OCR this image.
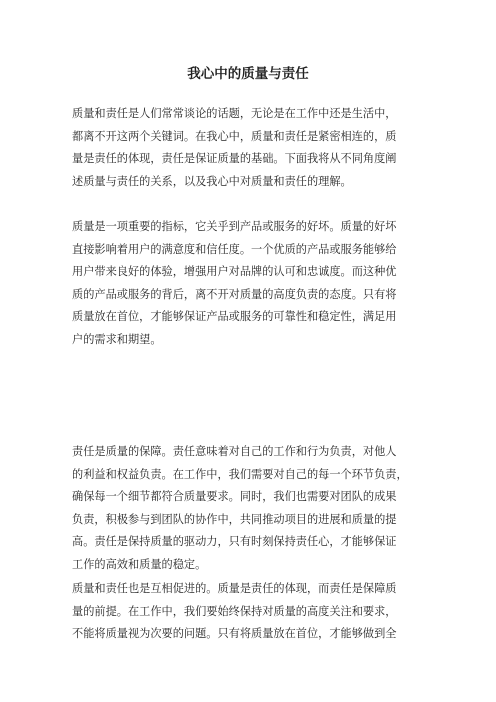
我心中的质量与责任

质量和责任是人们常常谈论的话题，无论是在工作中还是生活中，
都离不开这两个关键词。在我心中，质量和责任是紧密相连的，质
量是责任的体现，责任是保证质量的基础。下面我将从不同角度阐
述质量与责任的关系，以及我心中对质量和责任的理解。

质量是一项重要的指标，它关乎到产品或服务的好坏。质量的好坏
直接影响着用户的满意度和信任度。一个优质的产品或服务能够给
用户带来良好的体验，增强用户对品牌的认可和忠诚度。而这种优
质的产品或服务的背后，离不开对质量的高度负责的态度。只有将
质量放在首位，才能够保证产品或服务的可靠性和稳定性，满足用
户的需求和期望。

责任是质量的保障。责任意味着对自己的工作和行为负责，对他人
的利益和权益负责。在工作中，我们需要对自己的每一个环节负责，
确保每一个细节都符合质量要求。同时，我们也需要对团队的成果
负责，积极参与到团队的协作中，共同推动项目的进展和质量的提
高。责任是保持质量的驱动力，只有时刻保持责任心，才能够保证
工作的高效和质量的稳定。

质量和责任也是互相促进的。质量是责任的体现，而责任是保障质
量的前提。在工作中，我们要始终保持对质量的高度关注和要求，
不能将质量视为次要的问题。只有将质量放在首位，才能够做到全
